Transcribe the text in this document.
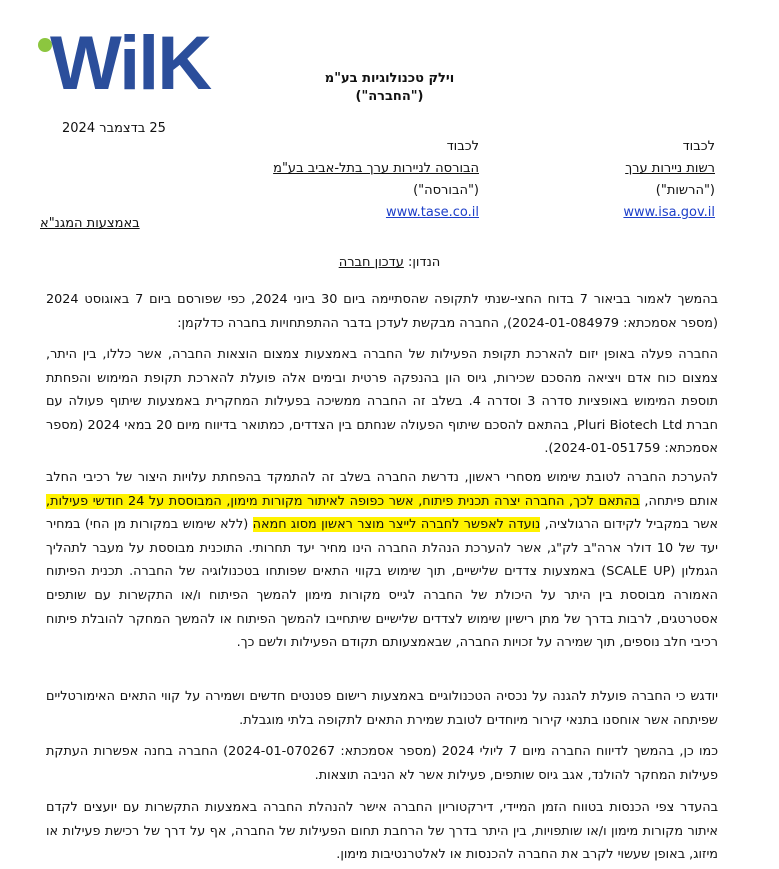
WilK	וילק טכנולוגיות בע"מ
("החברה")
25 בדצמבר 2024
לכבוד
רשות ניירות ערך
("הרשות")
www.isa.gov.il
לכבוד
הבורסה לניירות ערך בתל-אביב בע"מ
("הבורסה")
www.tase.co.il
באמצעות המגנ"א
הנדון: עדכון חברה
בהמשך לאמור בביאור 7 בדוח החצי-שנתי לתקופה שהסתיימה ביום 30 ביוני 2024, כפי שפורסם ביום 7 באוגוסט 2024 (מספר אסמכתא: 2024-01-084979), החברה מבקשת לעדכן בדבר ההתפתחויות בחברה כדלקמן:
החברה פעלה באופן יזום להארכת תקופת הפעילות של החברה באמצעות צמצום הוצאות החברה, אשר כללו, בין היתר, צמצום כוח אדם ויציאה מהסכם שכירות, גיוס הון בהנפקה פרטית ובימים אלה פועלת להארכת תקופת המימוש והפחתת תוספת המימוש באופציות סדרה 3 וסדרה 4. בשלב זה החברה ממשיכה בפעילות המחקרית באמצעות שיתוף פעולה עם חברת Pluri Biotech Ltd, בהתאם להסכם שיתוף הפעולה שנחתם בין הצדדים, כמתואר בדיווח מיום 20 במאי 2024 (מספר אסמכתא: 2024-01-051759).
להערכת החברה לטובת שימוש מסחרי ראשון, נדרשת החברה בשלב זה להתמקד בהפחתת עלויות היצור של רכיבי החלב אותם פיתחה, בהתאם לכך, החברה יצרה תכנית פיתוח, אשר כפופה לאיתור מקורות מימון, המבוססת על 24 חודשי פעילות, אשר במקביל לקידום הרגולציה, נועדה לאפשר לחברה לייצר מוצר ראשון מסוג חמאה (ללא שימוש במקורות מן החי) במחיר יעד של 10 דולר ארה"ב לק"ג, אשר להערכת הנהלת החברה הינו מחיר יעד תחרותי. התוכנית מבוססת על מעבר לתהליך הגמלון (SCALE UP) באמצעות צדדים שלישיים, תוך שימוש בקווי התאים שפותחו בטכנולוגיה של החברה. תכנית הפיתוח האמורה מבוססת בין היתר על היכולת של החברה לגייס מקורות מימון להמשך הפיתוח ו/או התקשרות עם שותפים אסטרטגים, לרבות בדרך של מתן רישיון שימוש לצדדים שלישיים שיתחייבו להמשך הפיתוח או להמשך המחקר להובלת פיתוח רכיבי חלב נוספים, תוך שמירה על זכויות החברה, שבאמצעותם תקודם הפעילות ולשם כך.
יודגש כי החברה פועלת להגנה על נכסיה הטכנולוגיים באמצעות רישום פטנטים חדשים ושמירה על קווי התאים האימורטליים שפיתחה אשר אוחסנו בתנאי קירור מיוחדים לטובת שמירת התאים לתקופה בלתי מוגבלת.
כמו כן, בהמשך לדיווח החברה מיום 7 ליולי 2024 (מספר אסמכתא: 2024-01-070267) החברה בחנה אפשרות העתקת פעילות המחקר להולנד, אגב גיוס שותפים, פעילות אשר לא הניבה תוצאות.
בהעדר צפי הכנסות בטווח הזמן המיידי, דירקטוריון החברה אישר להנהלת החברה באמצעות התקשרות עם יועצים לקדם איתור מקורות מימון ו/או שותפויות, בין היתר בדרך של הרחבת תחום הפעילות של החברה, אף על דרך של רכישת פעילות או מיזוג, באופן שעשוי לקרב את החברה להכנסות או לאלטרנטיבות מימון.
